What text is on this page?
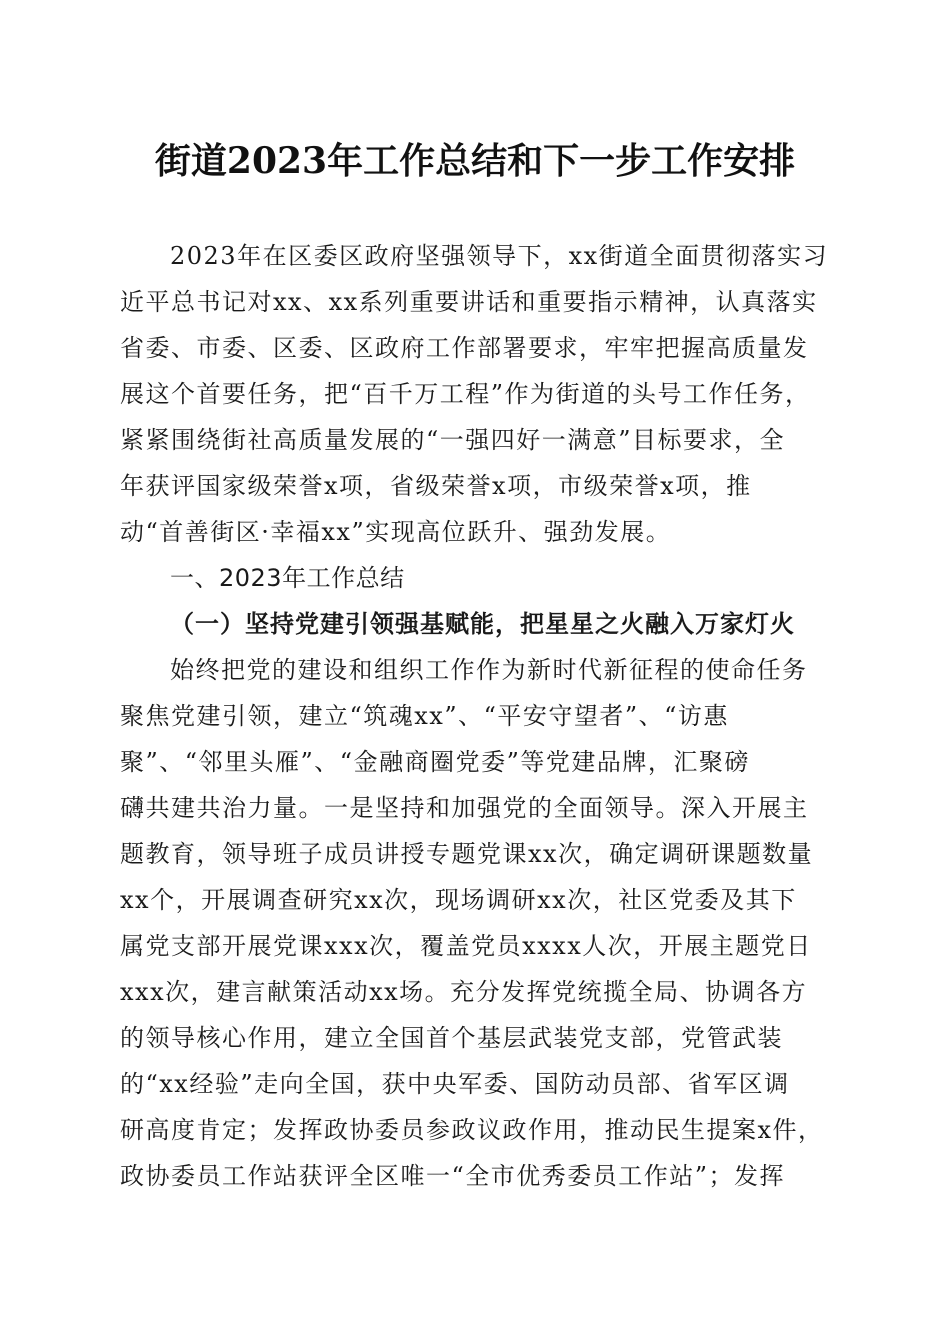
街道2023年工作总结和下一步工作安排
2023年在区委区政府坚强领导下，xx街道全面贯彻落实习
近平总书记对xx、xx系列重要讲话和重要指示精神，认真落实
省委、市委、区委、区政府工作部署要求，牢牢把握高质量发
展这个首要任务，把“百千万工程”作为街道的头号工作任务，
紧紧围绕街社高质量发展的“一强四好一满意”目标要求，全
年获评国家级荣誉x项，省级荣誉x项，市级荣誉x项，推
动“首善街区·幸福xx”实现高位跃升、强劲发展。
一、2023年工作总结
（一）坚持党建引领强基赋能，把星星之火融入万家灯火
始终把党的建设和组织工作作为新时代新征程的使命任务
聚焦党建引领，建立“筑魂xx”、“平安守望者”、“访惠
聚”、“邻里头雁”、“金融商圈党委”等党建品牌，汇聚磅
礴共建共治力量。一是坚持和加强党的全面领导。深入开展主
题教育，领导班子成员讲授专题党课xx次，确定调研课题数量
xx个，开展调查研究xx次，现场调研xx次，社区党委及其下
属党支部开展党课xxx次，覆盖党员xxxx人次，开展主题党日
xxx次，建言献策活动xx场。充分发挥党统揽全局、协调各方
的领导核心作用，建立全国首个基层武装党支部，党管武装
的“xx经验”走向全国，获中央军委、国防动员部、省军区调
研高度肯定；发挥政协委员参政议政作用，推动民生提案x件，
政协委员工作站获评全区唯一“全市优秀委员工作站”；发挥
